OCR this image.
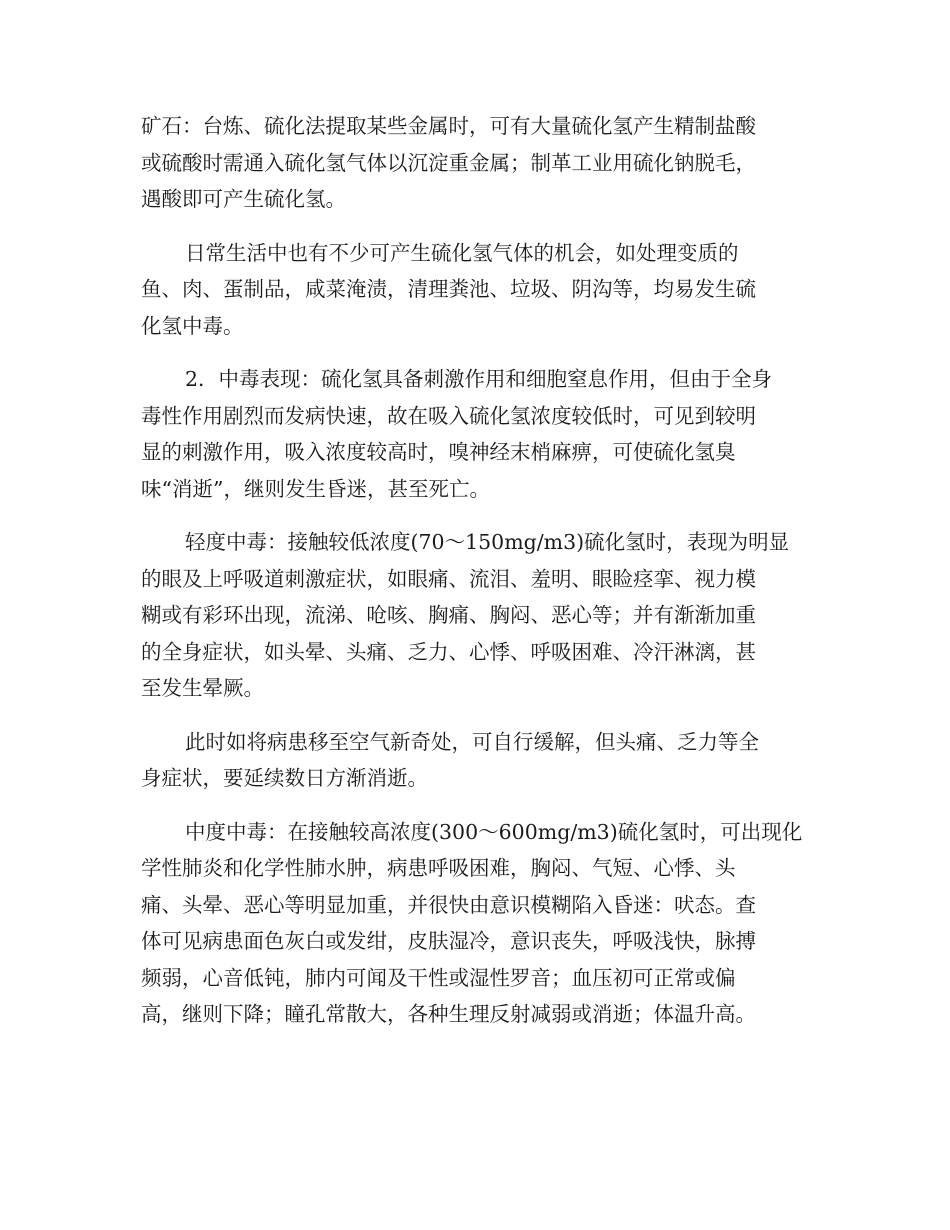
矿石：台炼、硫化法提取某些金属时，可有大量硫化氢产生精制盐酸
或硫酸时需通入硫化氢气体以沉淀重金属；制革工业用硫化钠脱毛，
遇酸即可产生硫化氢。
日常生活中也有不少可产生硫化氢气体的机会，如处理变质的
鱼、肉、蛋制品，咸菜淹渍，清理粪池、垃圾、阴沟等，均易发生硫
化氢中毒。
2．中毒表现：硫化氢具备刺激作用和细胞窒息作用，但由于全身
毒性作用剧烈而发病快速，故在吸入硫化氢浓度较低时，可见到较明
显的刺激作用，吸入浓度较高时，嗅神经末梢麻痹，可使硫化氢臭
味“消逝”，继则发生昏迷，甚至死亡。
轻度中毒：接触较低浓度(70～150mg/m3)硫化氢时，表现为明显
的眼及上呼吸道刺激症状，如眼痛、流泪、羞明、眼睑痉挛、视力模
糊或有彩环出现，流涕、呛咳、胸痛、胸闷、恶心等；并有渐渐加重
的全身症状，如头晕、头痛、乏力、心悸、呼吸困难、冷汗淋漓，甚
至发生晕厥。
此时如将病患移至空气新奇处，可自行缓解，但头痛、乏力等全
身症状，要延续数日方渐消逝。
中度中毒：在接触较高浓度(300～600mg/m3)硫化氢时，可出现化
学性肺炎和化学性肺水肿，病患呼吸困难，胸闷、气短、心悸、头
痛、头晕、恶心等明显加重，并很快由意识模糊陷入昏迷：吠态。查
体可见病患面色灰白或发绀，皮肤湿冷，意识丧失，呼吸浅快，脉搏
频弱，心音低钝，肺内可闻及干性或湿性罗音；血压初可正常或偏
高，继则下降；瞳孔常散大，各种生理反射减弱或消逝；体温升高。
